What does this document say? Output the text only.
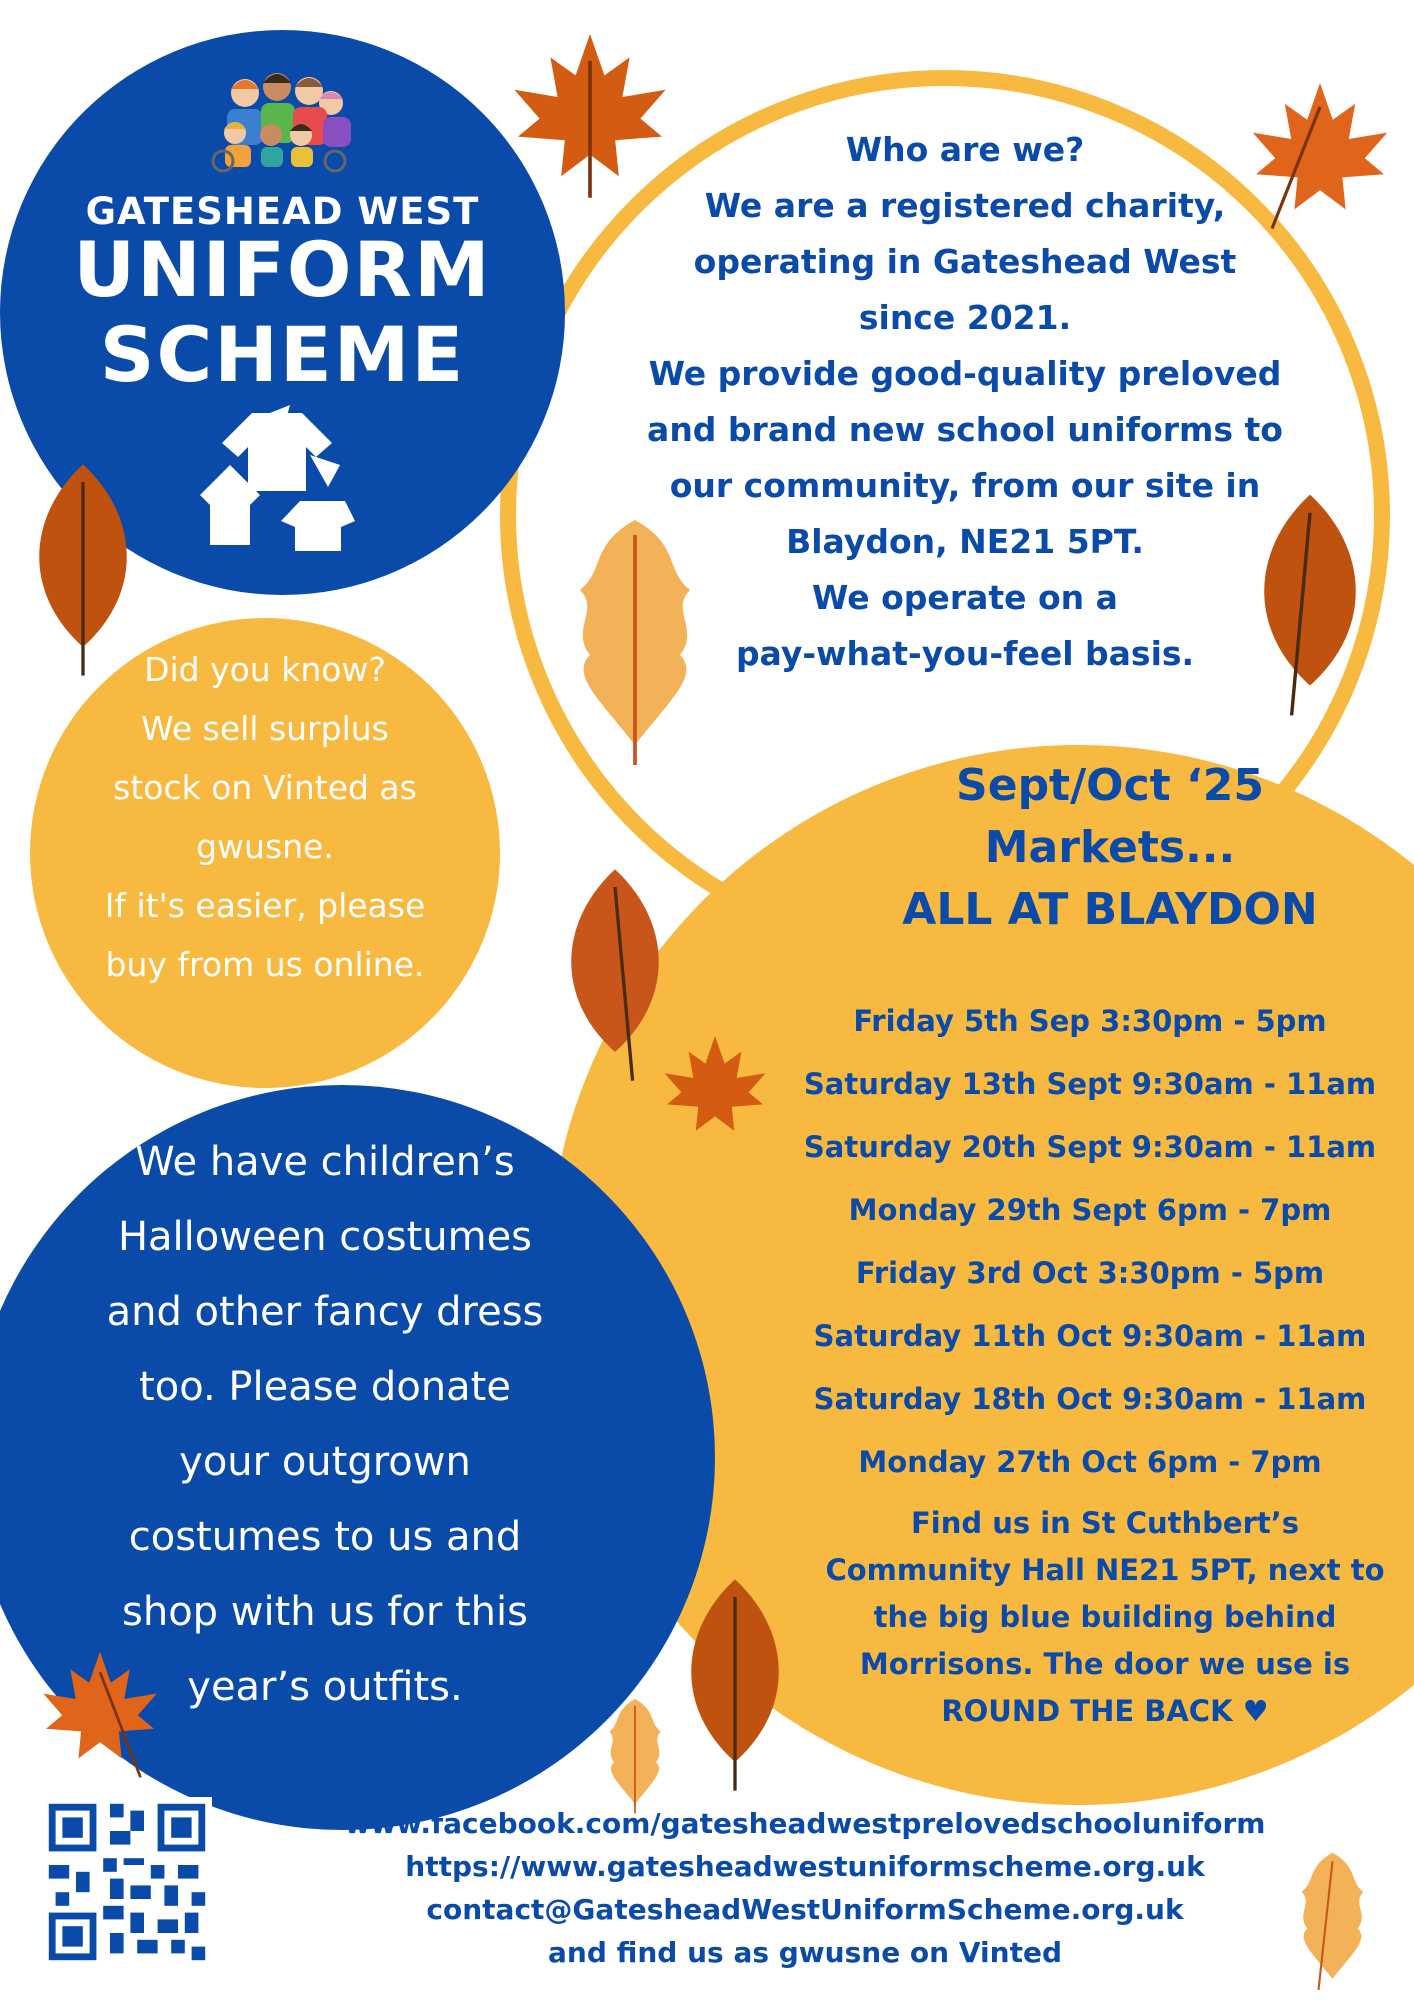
GATESHEAD WEST
UNIFORM
SCHEME
Who are we?
We are a registered charity,
operating in Gateshead West
since 2021.
We provide good-quality preloved
and brand new school uniforms to
our community, from our site in
Blaydon, NE21 5PT.
We operate on a
pay-what-you-feel basis.
Did you know?
We sell surplus
stock on Vinted as
gwusne.
If it's easier, please
buy from us online.
Sept/Oct ‘25
Markets...
ALL AT BLAYDON
Friday 5th Sep 3:30pm - 5pm
Saturday 13th Sept 9:30am - 11am
Saturday 20th Sept 9:30am - 11am
Monday 29th Sept 6pm - 7pm
Friday 3rd Oct 3:30pm - 5pm
Saturday 11th Oct 9:30am - 11am
Saturday 18th Oct 9:30am - 11am
Monday 27th Oct 6pm - 7pm
Find us in St Cuthbert’s
Community Hall NE21 5PT, next to
the big blue building behind
Morrisons. The door we use is
ROUND THE BACK ♥
We have children’s
Halloween costumes
and other fancy dress
too. Please donate
your outgrown
costumes to us and
shop with us for this
year’s outfits.
www.facebook.com/gatesheadwestprelovedschooluniform
https://www.gatesheadwestuniformscheme.org.uk
contact@GatesheadWestUniformScheme.org.uk
and find us as gwusne on Vinted
